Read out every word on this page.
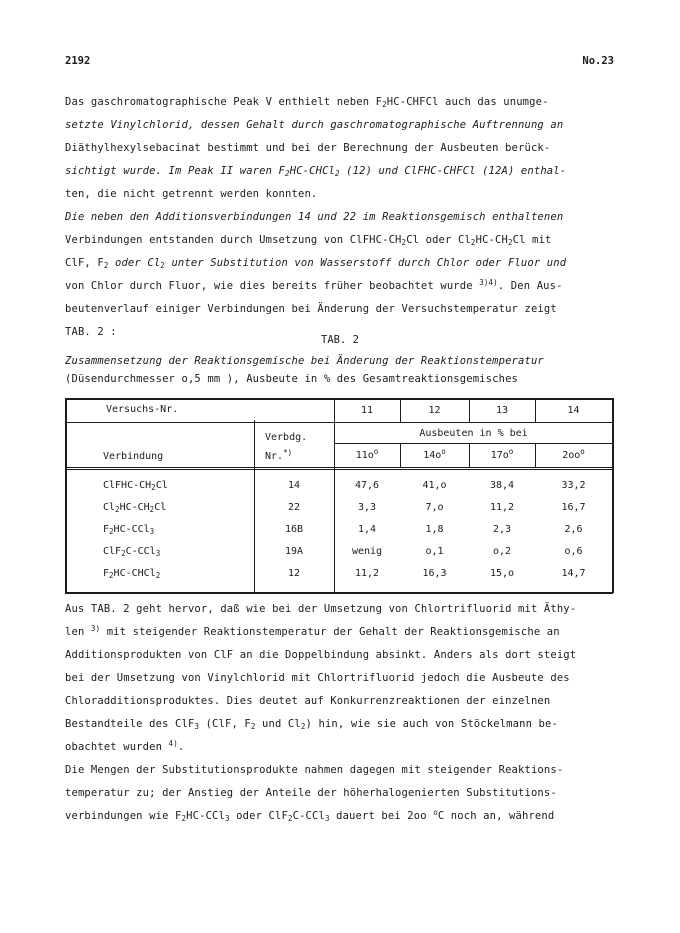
2192	No.23
Das gaschromatographische Peak V enthielt neben $F_2HC$-CHFCl auch das unumge-
setzte Vinylchlorid, dessen Gehalt durch gaschromatographische Auftrennung an
Diäthylhexylsebacinat bestimmt und bei der Berechnung der Ausbeuten berück-
sichtigt wurde. Im Peak II waren $F_2HC-CHCl_2$ (12) und ClFHC-CHFCl (12A) enthal-
ten, die nicht getrennt werden konnten.
Die neben den Additionsverbindungen 14 und 22 im Reaktionsgemisch enthaltenen
Verbindungen entstanden durch Umsetzung von ClFHC-$CH_2Cl$ oder $Cl_2HC-CH_2Cl$ mit
ClF, $F_2$ oder $Cl_2$ unter Substitution von Wasserstoff durch Chlor oder Fluor und
von Chlor durch Fluor, wie dies bereits früher beobachtet wurde $^{3)4)}$. Den Aus-
beutenverlauf einiger Verbindungen bei Änderung der Versuchstemperatur zeigt
TAB. 2 :
TAB. 2
Zusammensetzung der Reaktionsgemische bei Änderung der Reaktionstemperatur
(Düsendurchmesser o,5 mm ), Ausbeute in % des Gesamtreaktionsgemisches
Versuchs-Nr.
Verbindung
Verbdg.
Nr.*)
Ausbeuten in % bei
11	12	13	14
$11o^o$	$14o^o$	$17o^o$	$2oo^o$
ClFHC-$CH_2Cl$	14	47,6	41,o	38,4	33,2
$Cl_2HC-CH_2Cl$	22	3,3	7,o	11,2	16,7
$F_2HC-CCl_3$	16B	1,4	1,8	2,3	2,6
ClF$_2$C-CCl$_3$	19A	wenig	o,1	o,2	o,6
$F_2HC-CHCl_2$	12	11,2	16,3	15,o	14,7
Aus TAB. 2 geht hervor, daß wie bei der Umsetzung von Chlortrifluorid mit Äthy-
len $^{3)}$ mit steigender Reaktionstemperatur der Gehalt der Reaktionsgemische an
Additionsprodukten von ClF an die Doppelbindung absinkt. Anders als dort steigt
bei der Umsetzung von Vinylchlorid mit Chlortrifluorid jedoch die Ausbeute des
Chloradditionsproduktes. Dies deutet auf Konkurrenzreaktionen der einzelnen
Bestandteile des ClF$_3$ (ClF, $F_2$ und $Cl_2$) hin, wie sie auch von Stöckelmann be-
obachtet wurden $^{4)}$.
Die Mengen der Substitutionsprodukte nahmen dagegen mit steigender Reaktions-
temperatur zu; der Anstieg der Anteile der höherhalogenierten Substitutions-
verbindungen wie $F_2HC-CCl_3$ oder ClF$_2$C-CCl$_3$ dauert bei 2oo $^o$C noch an, während
